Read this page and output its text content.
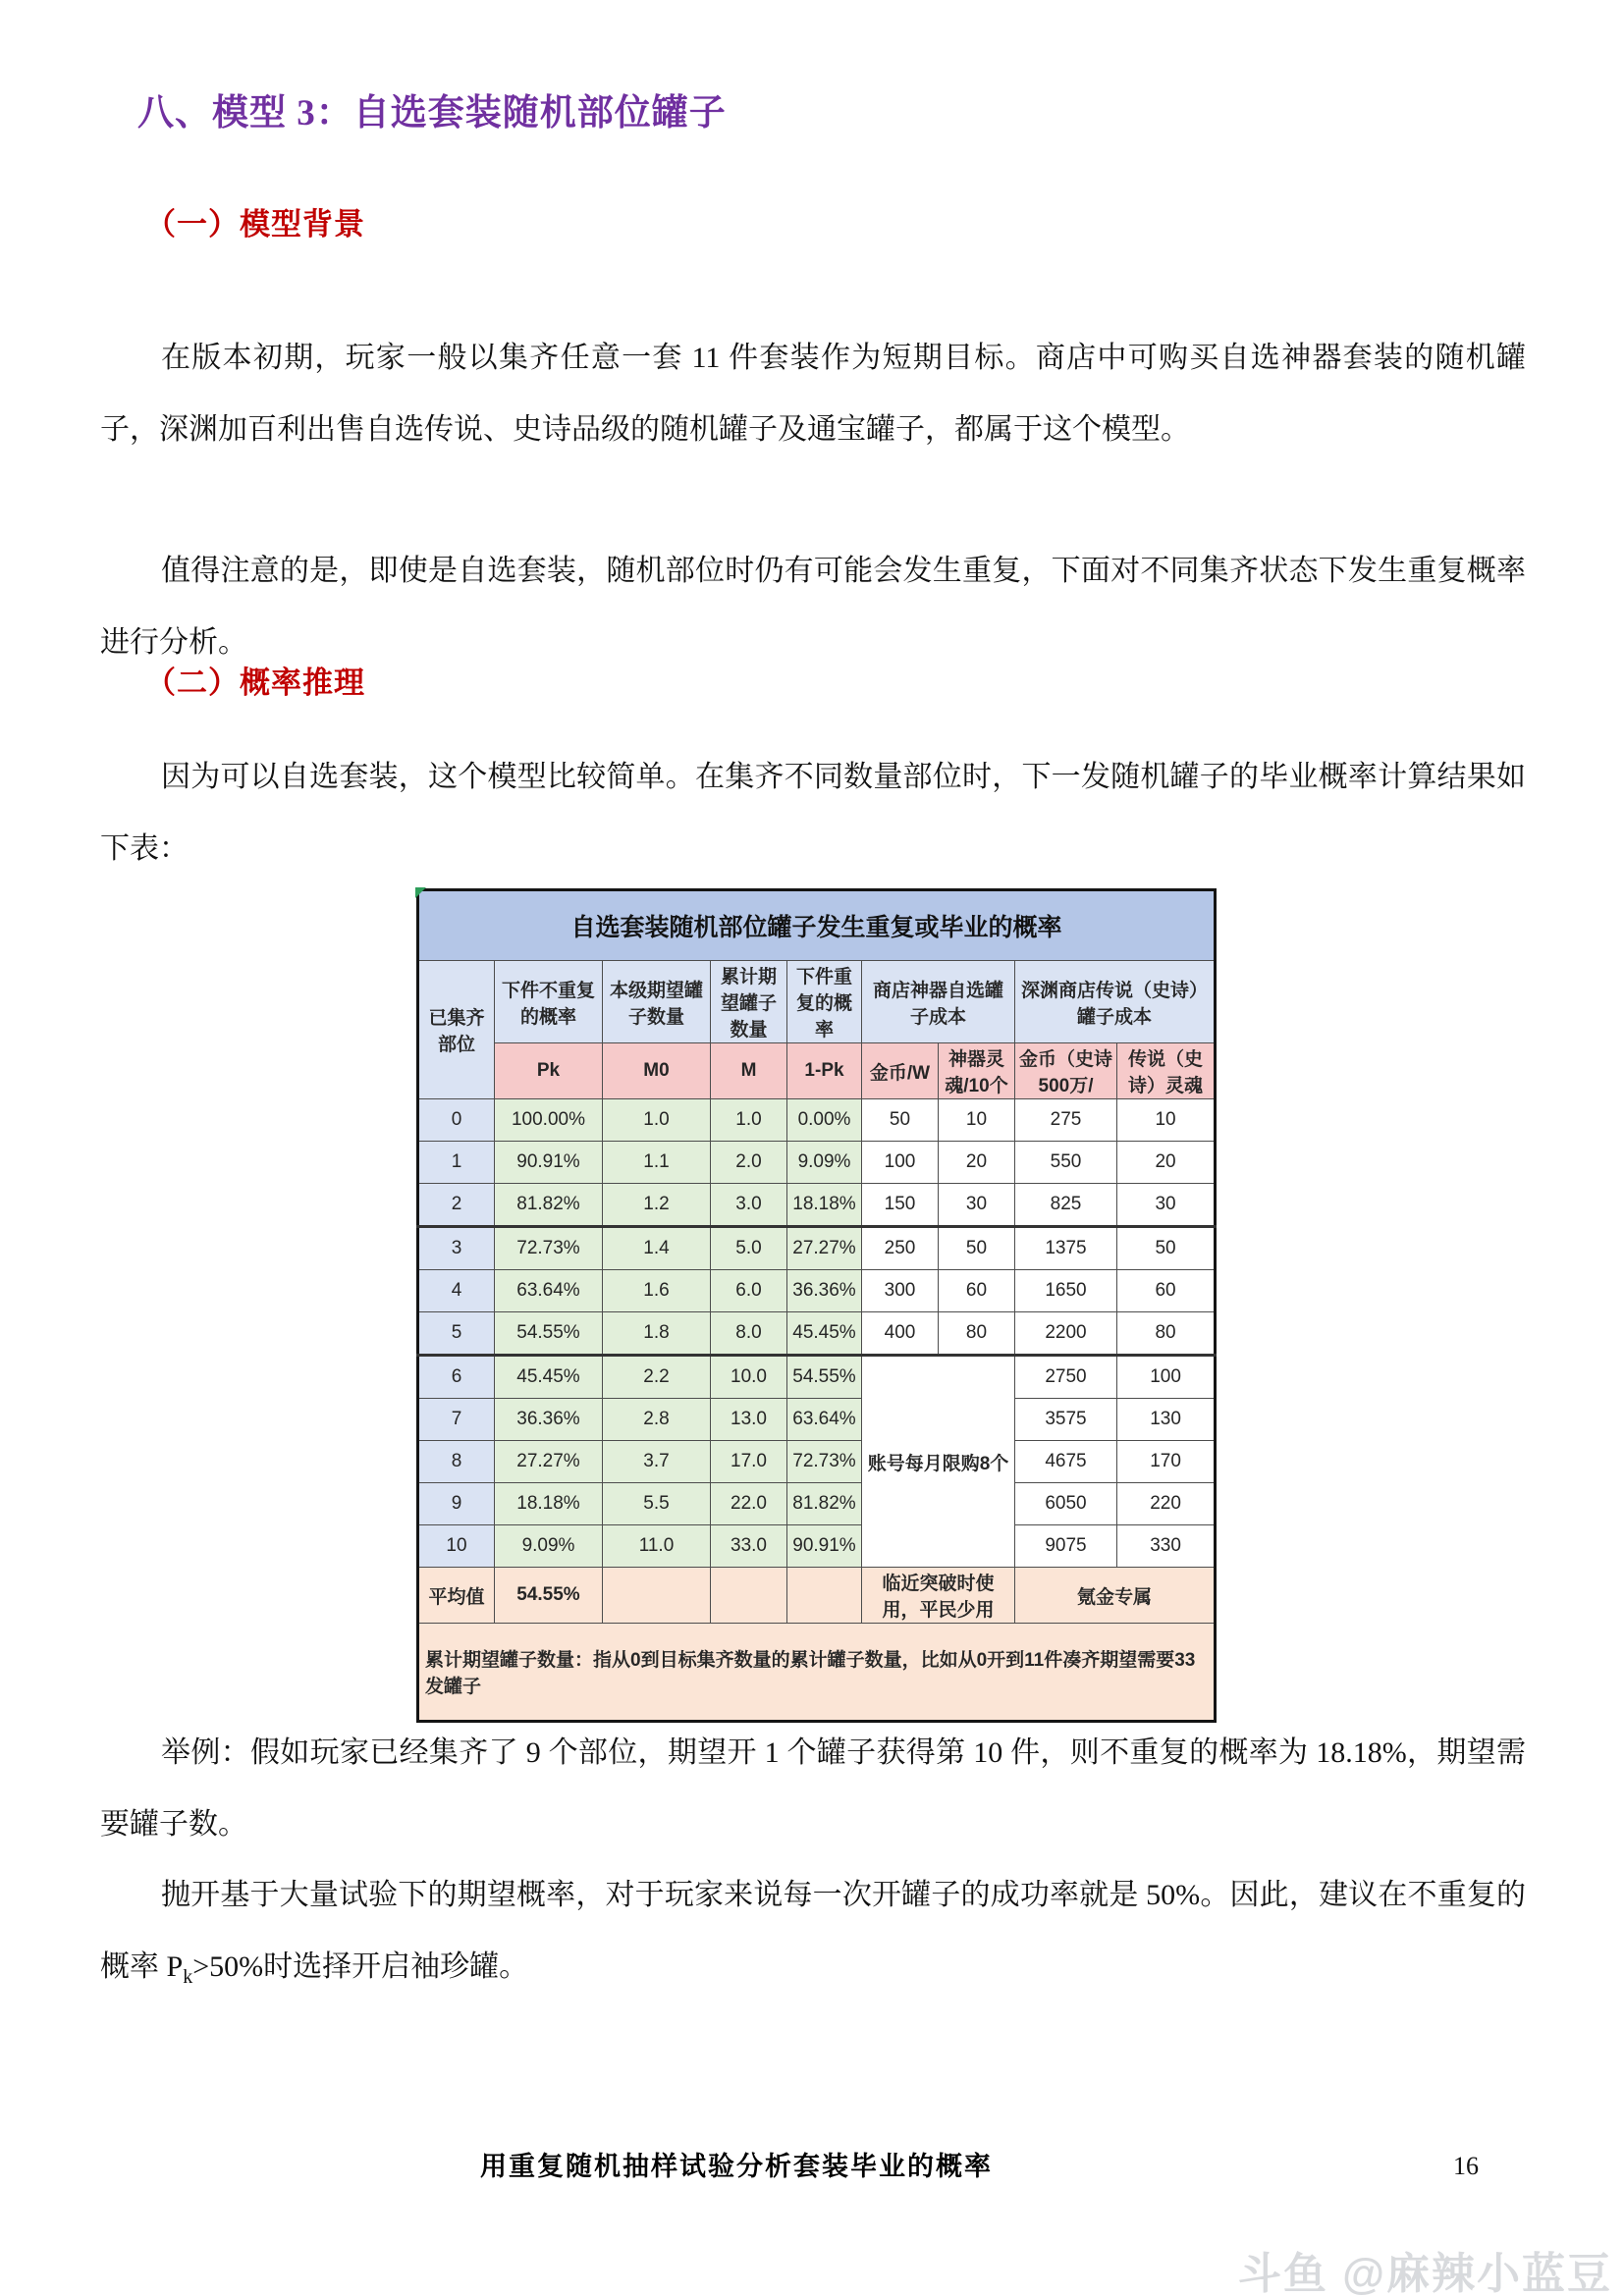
八、模型 3：自选套装随机部位罐子
（一）模型背景
在版本初期，玩家一般以集齐任意一套 11 件套装作为短期目标。商店中可购买自选神器套装的随机罐子，深渊加百利出售自选传说、史诗品级的随机罐子及通宝罐子，都属于这个模型。
值得注意的是，即使是自选套装，随机部位时仍有可能会发生重复，下面对不同集齐状态下发生重复概率进行分析。
（二）概率推理
因为可以自选套装，这个模型比较简单。在集齐不同数量部位时，下一发随机罐子的毕业概率计算结果如下表：
自选套装随机部位罐子发生重复或毕业的概率								
已集齐部位	下件不重复的概率	本级期望罐子数量	累计期望罐子数量	下件重复的概率	商店神器自选罐子成本		深渊商店传说（史诗）罐子成本	
	Pk	M0	M	1-Pk	金币/W	神器灵魂/10个	金币（史诗500万/	传说（史诗）灵魂
0	100.00%	1.0	1.0	0.00%	50	10	275	10
1	90.91%	1.1	2.0	9.09%	100	20	550	20
2	81.82%	1.2	3.0	18.18%	150	30	825	30
3	72.73%	1.4	5.0	27.27%	250	50	1375	50
4	63.64%	1.6	6.0	36.36%	300	60	1650	60
5	54.55%	1.8	8.0	45.45%	400	80	2200	80
6	45.45%	2.2	10.0	54.55%	账号每月限购8个		2750	100
7	36.36%	2.8	13.0	63.64%			3575	130
8	27.27%	3.7	17.0	72.73%			4675	170
9	18.18%	5.5	22.0	81.82%			6050	220
10	9.09%	11.0	33.0	90.91%			9075	330
平均值	54.55%				临近突破时使用，平民少用		氪金专属	
累计期望罐子数量：指从0到目标集齐数量的累计罐子数量，比如从0开到11件凑齐期望需要33发罐子								
举例：假如玩家已经集齐了 9 个部位，期望开 1 个罐子获得第 10 件，则不重复的概率为 18.18%，期望需要罐子数。
抛开基于大量试验下的期望概率，对于玩家来说每一次开罐子的成功率就是 50%。因此，建议在不重复的概率 $P_k>50\%$时选择开启袖珍罐。
用重复随机抽样试验分析套装毕业的概率	16
斗鱼 @麻辣小蓝豆
